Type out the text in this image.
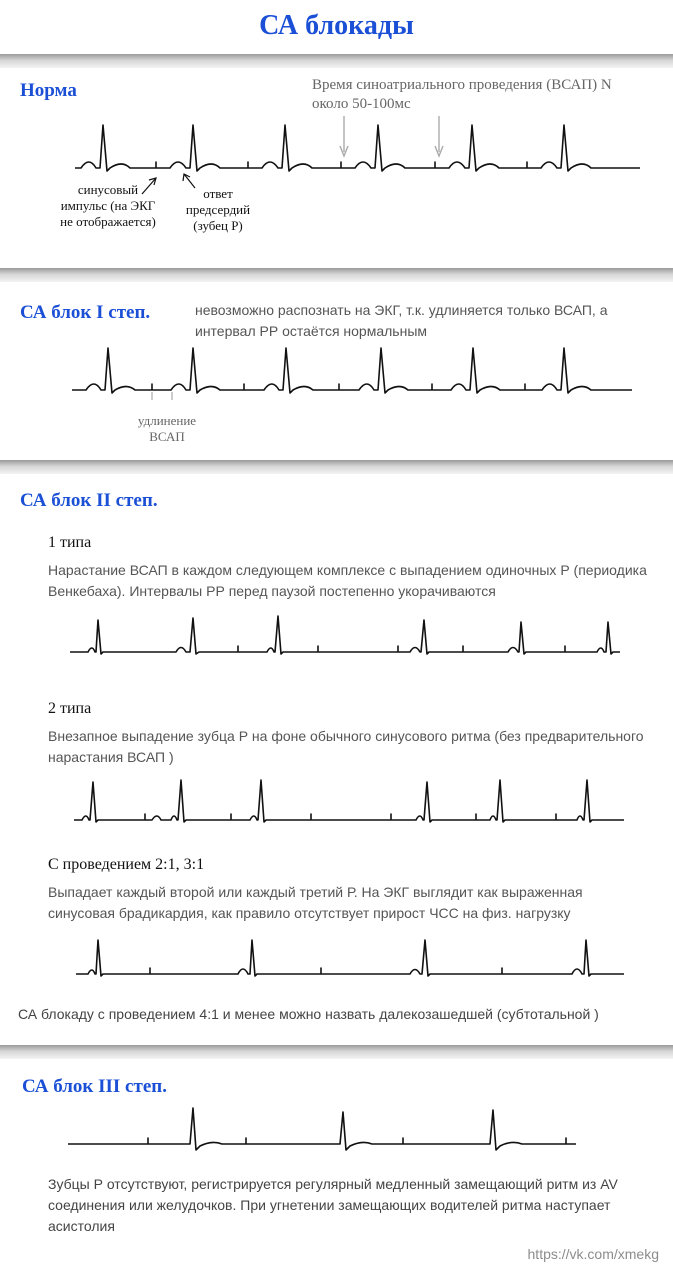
СА блокады
Норма	Время синоатриального проведения (ВСАП) N около 50-100мс
синусовый импульс (на ЭКГ не отображается)
ответ предсердий (зубец Р)
СА блок I степ.	невозможно распознать на ЭКГ, т.к. удлиняется только ВСАП, а интервал РР остаётся нормальным
удлинение ВСАП
СА блок II степ.
1 типа
Нарастание ВСАП в каждом следующем комплексе с выпадением одиночных Р (периодика Венкебаха). Интервалы РР перед паузой постепенно укорачиваются
2 типа
Внезапное выпадение зубца Р на фоне обычного синусового ритма (без предварительного нарастания ВСАП )
С проведением 2:1, 3:1
Выпадает каждый второй или каждый третий Р. На ЭКГ выглядит как выраженная синусовая брадикардия, как правило отсутствует прирост ЧСС на физ. нагрузку
СА блокаду с проведением 4:1 и менее можно назвать далекозашедшей (субтотальной )
СА блок III степ.
Зубцы Р отсутствуют, регистрируется регулярный медленный замещающий ритм из AV соединения или желудочков. При угнетении замещающих водителей ритма наступает асистолия
https://vk.com/xmekg
